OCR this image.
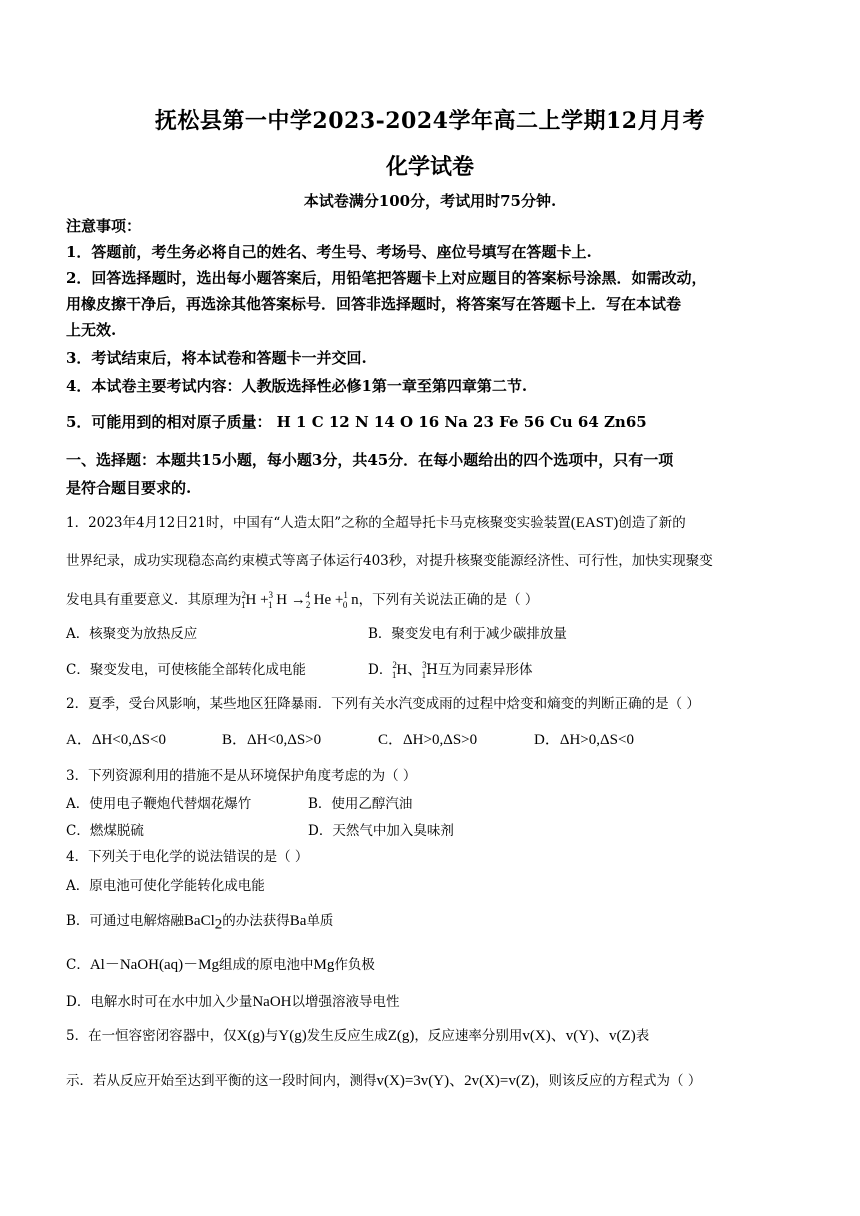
抚松县第一中学2023-2024学年高二上学期12月月考
化学试卷
本试卷满分100分，考试用时75分钟.
注意事项：
1．答题前，考生务必将自己的姓名、考生号、考场号、座位号填写在答题卡上.
2．回答选择题时，选出每小题答案后，用铅笔把答题卡上对应题目的答案标号涂黑．如需改动，
用橡皮擦干净后，再选涂其他答案标号．回答非选择题时，将答案写在答题卡上．写在本试卷
上无效.
3．考试结束后，将本试卷和答题卡一并交回.
4．本试卷主要考试内容：人教版选择性必修1第一章至第四章第二节.
5．可能用到的相对原子质量： H 1 C 12 N 14 O 16 Na 23 Fe 56 Cu 64 Zn65
一、选择题：本题共15小题，每小题3分，共45分．在每小题给出的四个选项中，只有一项
是符合题目要求的.
1．2023年4月12日21时，中国有“人造太阳”之称的全超导托卡马克核聚变实验装置(EAST)创造了新的
世界纪录，成功实现稳态高约束模式等离子体运行403秒，对提升核聚变能源经济性、可行性，加快实现聚变
发电具有重要意义．其原理为$^2_1$H +$^3_1$ $H \to_2^4$ He +$^1_0$ n，下列有关说法正确的是（ ）
A．核聚变为放热反应	B．聚变发电有利于减少碳排放量
C．聚变发电，可使核能全部转化成电能	D．$^2_1$H、$^3_1$H互为同素异形体
2．夏季，受台风影响，某些地区狂降暴雨．下列有关水汽变成雨的过程中焓变和熵变的判断正确的是（ ）
A．ΔH<0,ΔS<0	B．ΔH<0,ΔS>0	C．ΔH>0,ΔS>0	D．ΔH>0,ΔS<0
3．下列资源利用的措施不是从环境保护角度考虑的为（ ）
A．使用电子鞭炮代替烟花爆竹	B．使用乙醇汽油
C．燃煤脱硫	D．天然气中加入臭味剂
4．下列关于电化学的说法错误的是（ ）
A．原电池可使化学能转化成电能
B．可通过电解熔融BaCl$_2$的办法获得Ba单质
C．Al－NaOH(aq)－Mg组成的原电池中Mg作负极
D．电解水时可在水中加入少量NaOH以增强溶液导电性
5．在一恒容密闭容器中，仅X(g)与Y(g)发生反应生成Z(g)，反应速率分别用v(X)、v(Y)、v(Z)表
示．若从反应开始至达到平衡的这一段时间内，测得v(X)=3v(Y)、2v(X)=v(Z)，则该反应的方程式为（ ）
